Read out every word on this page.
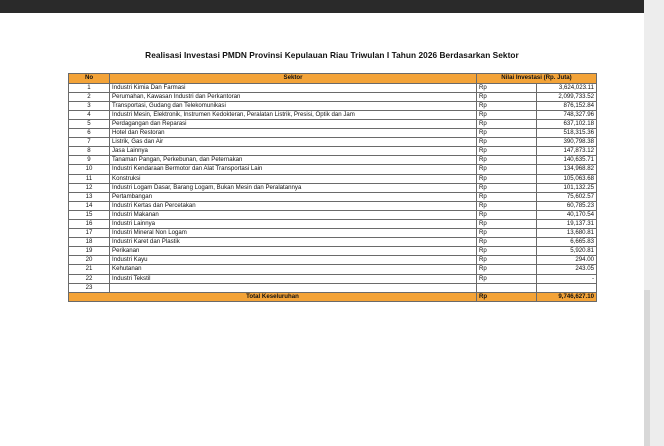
Realisasi Investasi PMDN Provinsi Kepulauan Riau Triwulan I Tahun 2026 Berdasarkan Sektor
No	Sektor	Nilai Investasi (Rp. Juta)	
1	Industri Kimia Dan Farmasi	Rp	3,624,023.11
2	Perumahan, Kawasan Industri dan Perkantoran	Rp	2,099,733.52
3	Transportasi, Gudang dan Telekomunikasi	Rp	876,152.84
4	Industri Mesin, Elektronik, Instrumen Kedokteran, Peralatan Listrik, Presisi, Optik dan Jam	Rp	748,327.96
5	Perdagangan dan Reparasi	Rp	637,102.18
6	Hotel dan Restoran	Rp	518,315.36
7	Listrik, Gas dan Air	Rp	390,798.38
8	Jasa Lainnya	Rp	147,873.12
9	Tanaman Pangan, Perkebunan, dan Peternakan	Rp	140,635.71
10	Industri Kendaraan Bermotor dan Alat Transportasi Lain	Rp	134,968.82
11	Konstruksi	Rp	105,063.68
12	Industri Logam Dasar, Barang Logam, Bukan Mesin dan Peralatannya	Rp	101,132.25
13	Pertambangan	Rp	75,602.57
14	Industri Kertas dan Percetakan	Rp	60,785.23
15	Industri Makanan	Rp	40,170.54
16	Industri Lainnya	Rp	19,137.31
17	Industri Mineral Non Logam	Rp	13,680.81
18	Industri Karet dan Plastik	Rp	6,665.83
19	Perikanan	Rp	5,920.81
20	Industri Kayu	Rp	294.00
21	Kehutanan	Rp	243.05
22	Industri Tekstil	Rp	-
23			
Total Keseluruhan		Rp	9,746,627.10
